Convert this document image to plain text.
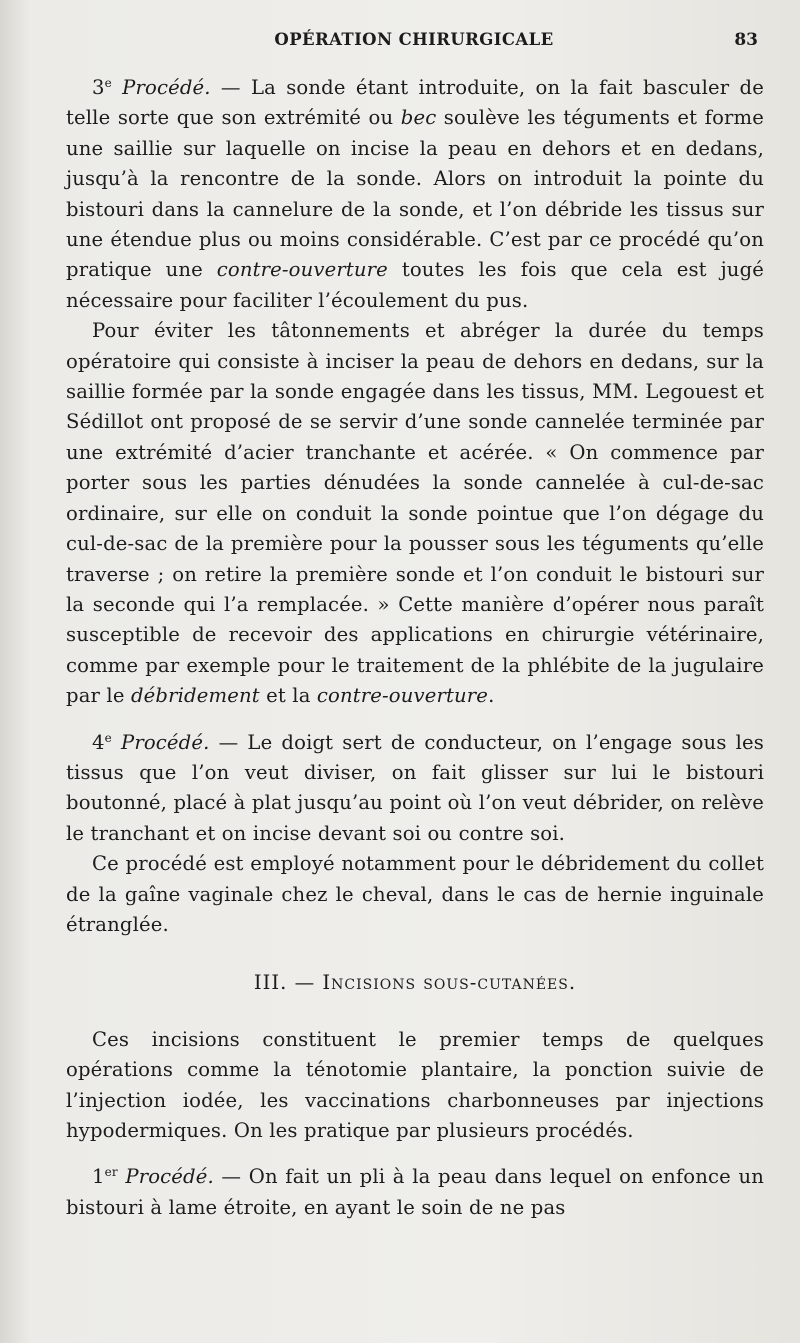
OPÉRATION CHIRURGICALE	83

3e Procédé. — La sonde étant introduite, on la fait basculer de telle sorte que son extrémité ou bec soulève les téguments et forme une saillie sur laquelle on incise la peau en dehors et en dedans, jusqu’à la rencontre de la sonde. Alors on introduit la pointe du bistouri dans la cannelure de la sonde, et l’on débride les tissus sur une étendue plus ou moins considérable. C’est par ce procédé qu’on pratique une contre-ouverture toutes les fois que cela est jugé nécessaire pour faciliter l’écoulement du pus.

Pour éviter les tâtonnements et abréger la durée du temps opératoire qui consiste à inciser la peau de dehors en dedans, sur la saillie formée par la sonde engagée dans les tissus, MM. Legouest et Sédillot ont proposé de se servir d’une sonde cannelée terminée par une extrémité d’acier tranchante et acérée. « On commence par porter sous les parties dénudées la sonde cannelée à cul-de-sac ordinaire, sur elle on conduit la sonde pointue que l’on dégage du cul-de-sac de la première pour la pousser sous les téguments qu’elle traverse ; on retire la première sonde et l’on conduit le bistouri sur la seconde qui l’a remplacée. » Cette manière d’opérer nous paraît susceptible de recevoir des applications en chirurgie vétérinaire, comme par exemple pour le traitement de la phlébite de la jugulaire par le débridement et la contre-ouverture.

4e Procédé. — Le doigt sert de conducteur, on l’engage sous les tissus que l’on veut diviser, on fait glisser sur lui le bistouri boutonné, placé à plat jusqu’au point où l’on veut débrider, on relève le tranchant et on incise devant soi ou contre soi.

Ce procédé est employé notamment pour le débridement du collet de la gaîne vaginale chez le cheval, dans le cas de hernie inguinale étranglée.

III. — Incisions sous-cutanées.

Ces incisions constituent le premier temps de quelques opérations comme la ténotomie plantaire, la ponction suivie de l’injection iodée, les vaccinations charbonneuses par injections hypodermiques. On les pratique par plusieurs procédés.

1er Procédé. — On fait un pli à la peau dans lequel on enfonce un bistouri à lame étroite, en ayant le soin de ne pas
